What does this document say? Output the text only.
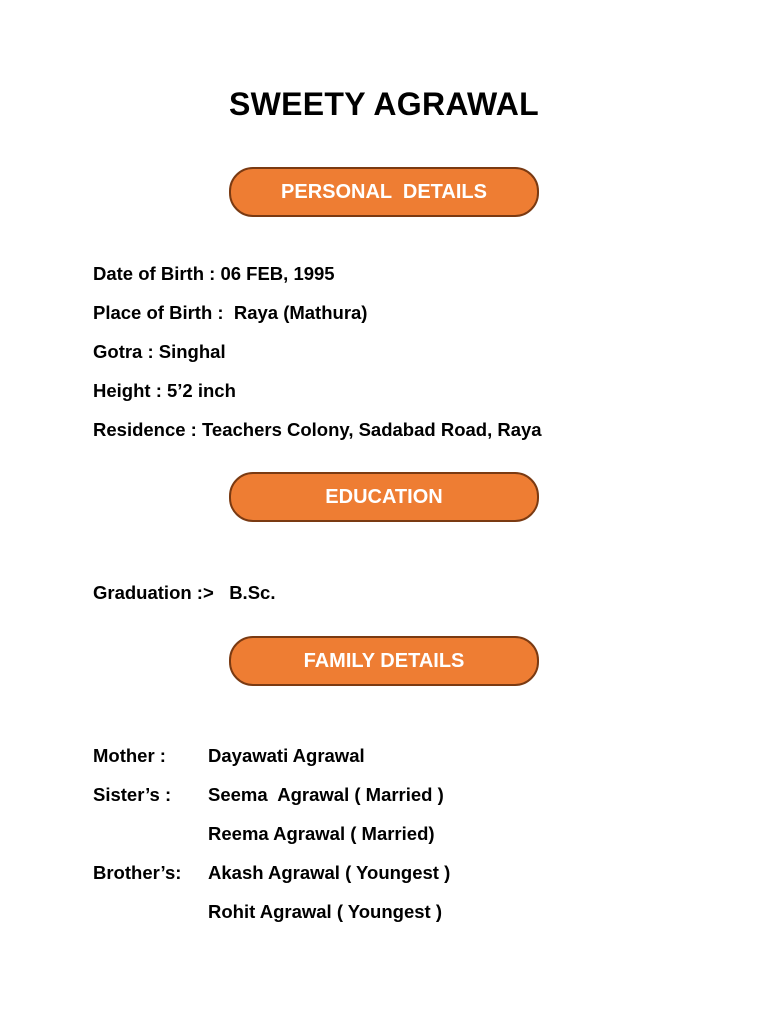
SWEETY AGRAWAL
PERSONAL  DETAILS

Date of Birth : 06 FEB, 1995

Place of Birth :  Raya (Mathura)

Gotra : Singhal

Height : 5’2 inch

Residence : Teachers Colony, Sadabad Road, Raya

EDUCATION

Graduation :>   B.Sc.

FAMILY DETAILS
Mother : Dayawati Agrawal
Sister’s : Seema  Agrawal ( Married )
Reema Agrawal ( Married)
Brother’s: Akash Agrawal ( Youngest )
Rohit Agrawal ( Youngest )
